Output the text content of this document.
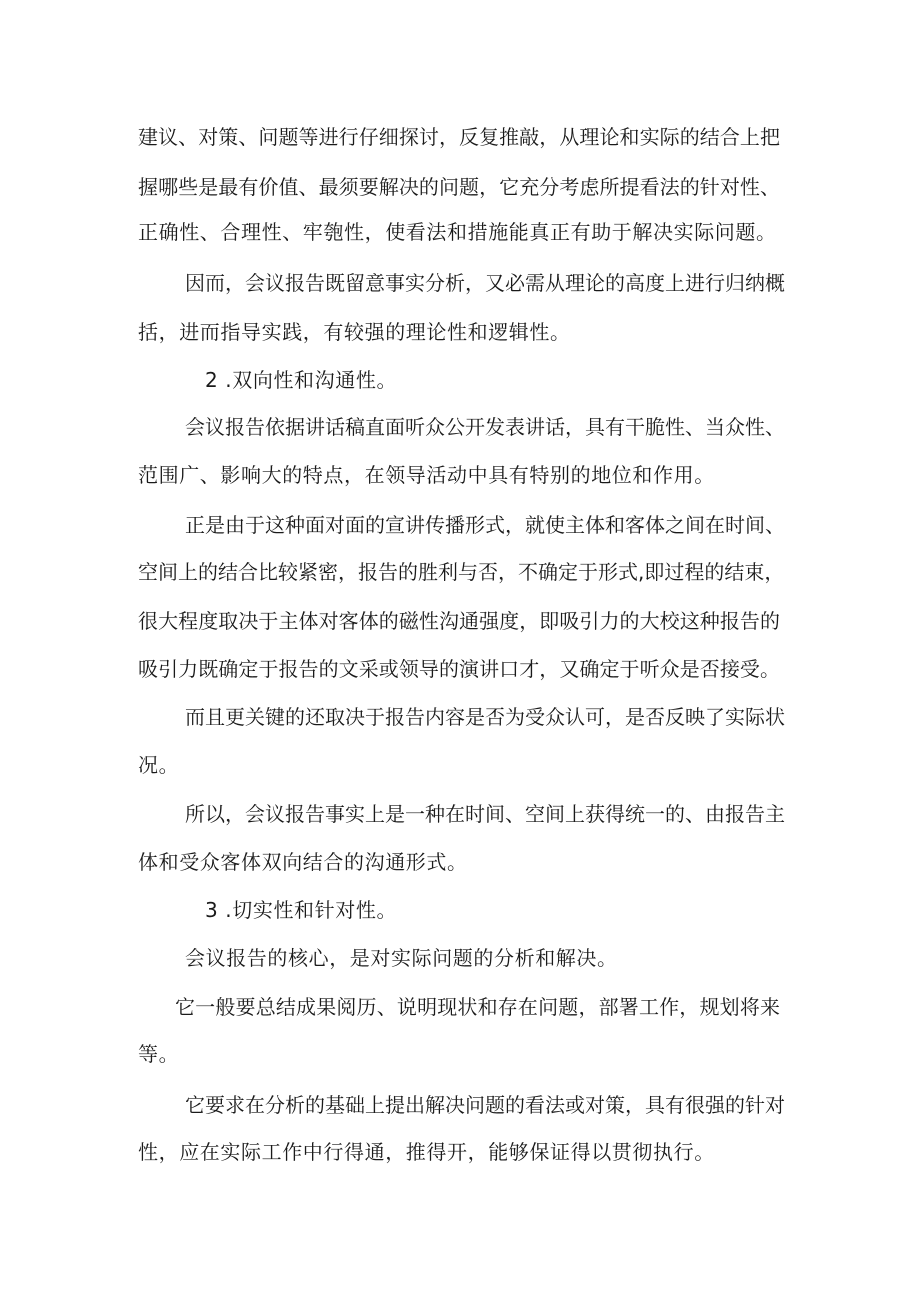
建议、对策、问题等进行仔细探讨，反复推敲，从理论和实际的结合上把
握哪些是最有价值、最须要解决的问题，它充分考虑所提看法的针对性、
正确性、合理性、牢匏性，使看法和措施能真正有助于解决实际问题。
因而，会议报告既留意事实分析，又必需从理论的高度上进行归纳概
括，进而指导实践，有较强的理论性和逻辑性。
2 .双向性和沟通性。
会议报告依据讲话稿直面听众公开发表讲话，具有干脆性、当众性、
范围广、影响大的特点，在领导活动中具有特别的地位和作用。
正是由于这种面对面的宣讲传播形式，就使主体和客体之间在时间、
空间上的结合比较紧密，报告的胜利与否，不确定于形式,即过程的结束，
很大程度取决于主体对客体的磁性沟通强度，即吸引力的大校这种报告的
吸引力既确定于报告的文采或领导的演讲口才，又确定于听众是否接受。
而且更关键的还取决于报告内容是否为受众认可，是否反映了实际状
况。
所以，会议报告事实上是一种在时间、空间上获得统一的、由报告主
体和受众客体双向结合的沟通形式。
3 .切实性和针对性。
会议报告的核心，是对实际问题的分析和解决。
它一般要总结成果阅历、说明现状和存在问题，部署工作，规划将来
等。
它要求在分析的基础上提出解决问题的看法或对策，具有很强的针对
性，应在实际工作中行得通，推得开，能够保证得以贯彻执行。
